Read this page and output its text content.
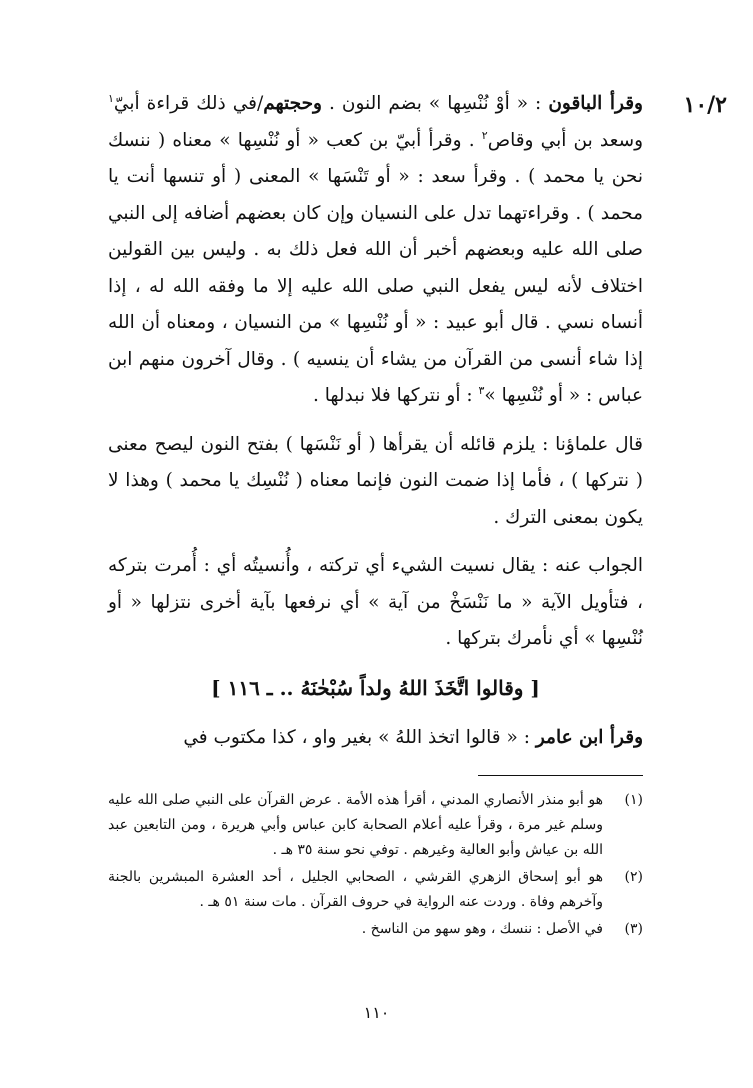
١٠/٢

وقرأ الباقون : « أوْ نُنْسِها » بضم النون . وحجتهم/في ذلك قراءة أبيّ$^١$ وسعد بن أبي وقاص$^٢$ . وقرأ أبيّ بن كعب « أو نُنْسِها » معناه ( ننسك نحن يا محمد ) . وقرأ سعد : « أو تَنْسَها » المعنى ( أو تنسها أنت يا محمد ) . وقراءتهما تدل على النسيان وإن كان بعضهم أضافه إلى النبي صلى الله عليه وبعضهم أخبر أن الله فعل ذلك به . وليس بين القولين اختلاف لأنه ليس يفعل النبي صلى الله عليه إلا ما وفقه الله له ، إذا أنساه نسي . قال أبو عبيد : « أو نُنْسِها » من النسيان ، ومعناه أن الله إذا شاء أنسى من القرآن من يشاء أن ينسيه ) . وقال آخرون منهم ابن عباس : « أو نُنْسِها »$^٣$ : أو نتركها فلا نبدلها .

قال علماؤنا : يلزم قائله أن يقرأها ( أو نَنْسَها ) بفتح النون ليصح معنى ( نتركها ) ، فأما إذا ضمت النون فإنما معناه ( نُنْسِك يا محمد ) وهذا لا يكون بمعنى الترك .

الجواب عنه : يقال نسيت الشيء أي تركته ، وأُنسيتُه أي : أُمرت بتركه ، فتأويل الآية « ما نَنْسَخْ من آية » أي نرفعها بآية أخرى نتزلها « أو نُنْسِها » أي نأمرك بتركها .

[ وقالوا اتَّخَذَ اللهُ ولداً سُبْحٰنَهُ .. ـ ١١٦ ]

وقرأ ابن عامر : « قالوا اتخذ اللهُ » بغير واو ، كذا مكتوب في

(١)
هو أبو منذر الأنصاري المدني ، أقرأ هذه الأمة . عرض القرآن على النبي صلى الله عليه وسلم غير مرة ، وقرأ عليه أعلام الصحابة كابن عباس وأبي هريرة ، ومن التابعين عبد الله بن عياش وأبو العالية وغيرهم . توفي نحو سنة ٣٥ هـ .
(٢)
هو أبو إسحاق الزهري القرشي ، الصحابي الجليل ، أحد العشرة المبشرين بالجنة وآخرهم وفاة . وردت عنه الرواية في حروف القرآن . مات سنة ٥١ هـ .
(٣)
في الأصل : ننسك ، وهو سهو من الناسخ .
١١٠
